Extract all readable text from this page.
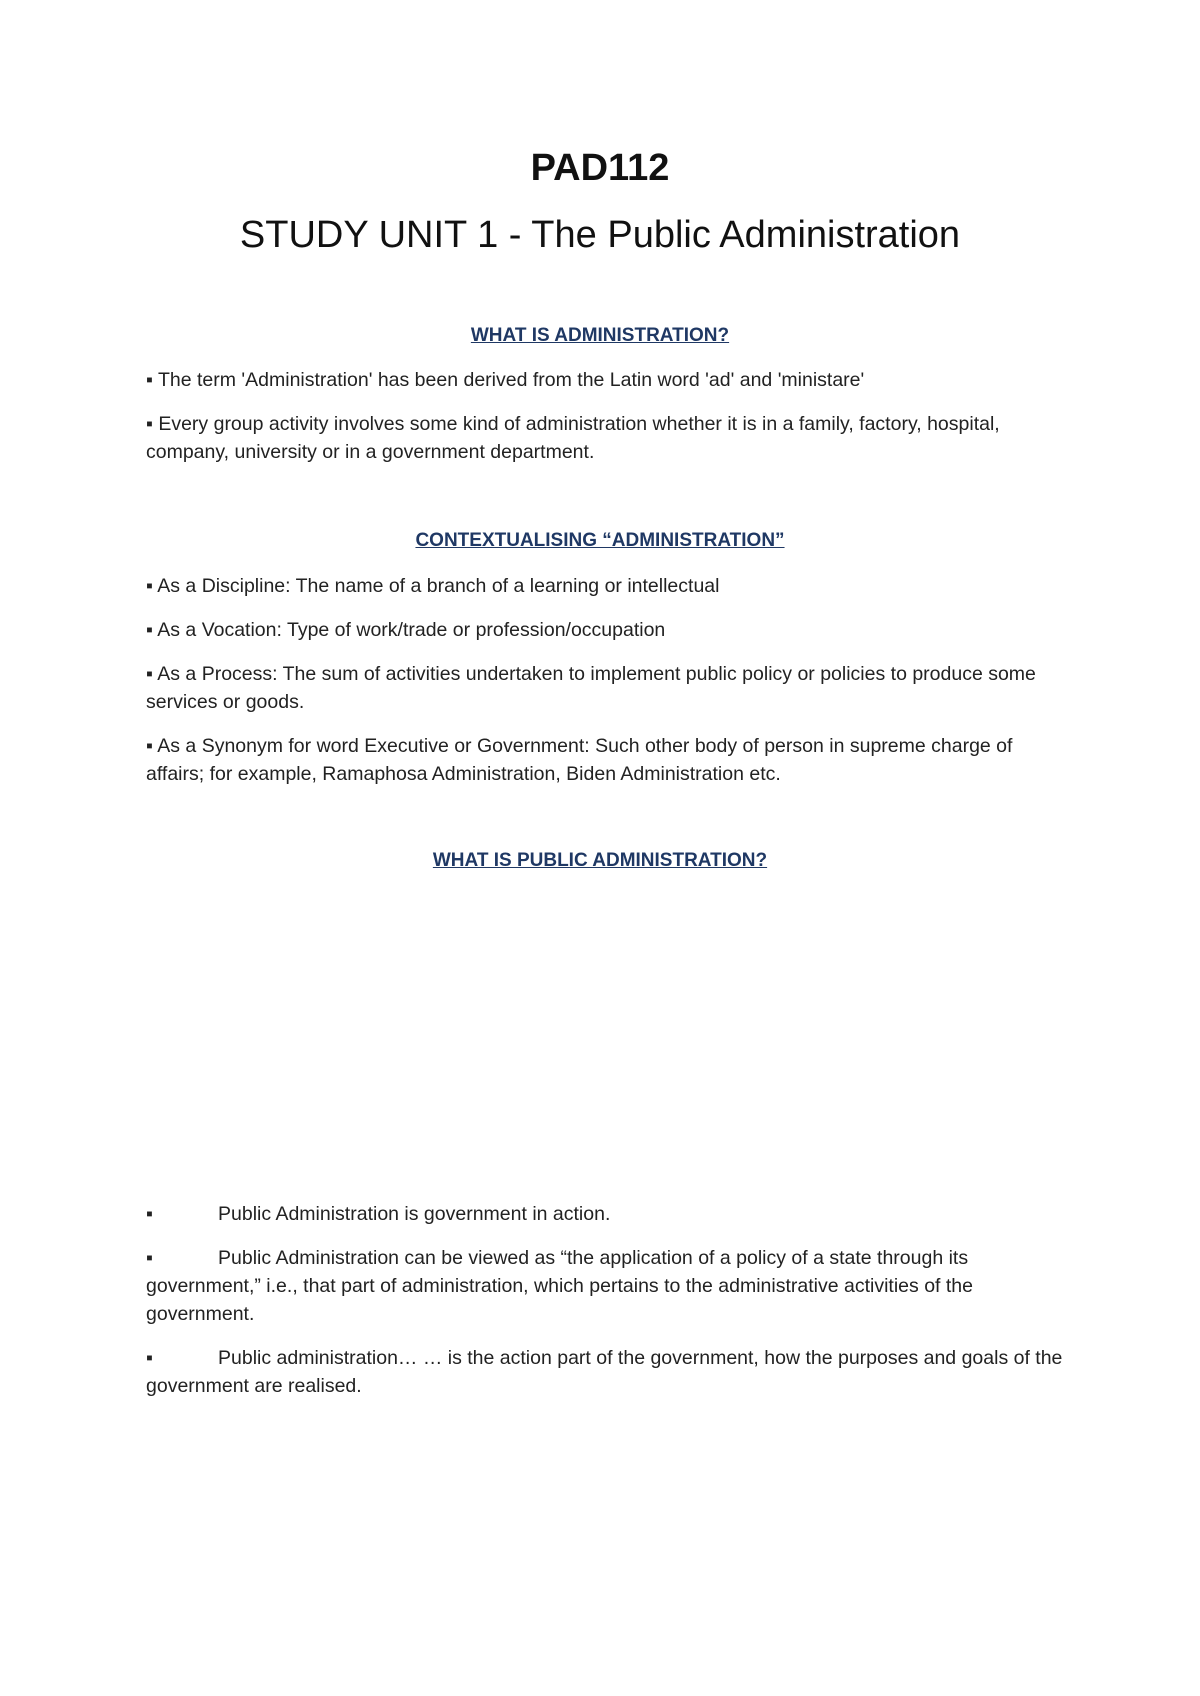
PAD112
STUDY UNIT 1 - The Public Administration
WHAT IS ADMINISTRATION?
▪ The term 'Administration' has been derived from the Latin word 'ad' and 'ministare'
▪ Every group activity involves some kind of administration whether it is in a family, factory, hospital, company, university or in a government department.
CONTEXTUALISING “ADMINISTRATION”
▪ As a Discipline: The name of a branch of a learning or intellectual
▪ As a Vocation: Type of work/trade or profession/occupation
▪ As a Process: The sum of activities undertaken to implement public policy or policies to produce some services or goods.
▪ As a Synonym for word Executive or Government: Such other body of person in supreme charge of affairs; for example, Ramaphosa Administration, Biden Administration etc.
WHAT IS PUBLIC ADMINISTRATION?
▪	Public Administration is government in action.
▪	Public Administration can be viewed as “the application of a policy of a state through its government,” i.e., that part of administration, which pertains to the administrative activities of the government.
▪	Public administration… … is the action part of the government, how the purposes and goals of the government are realised.
